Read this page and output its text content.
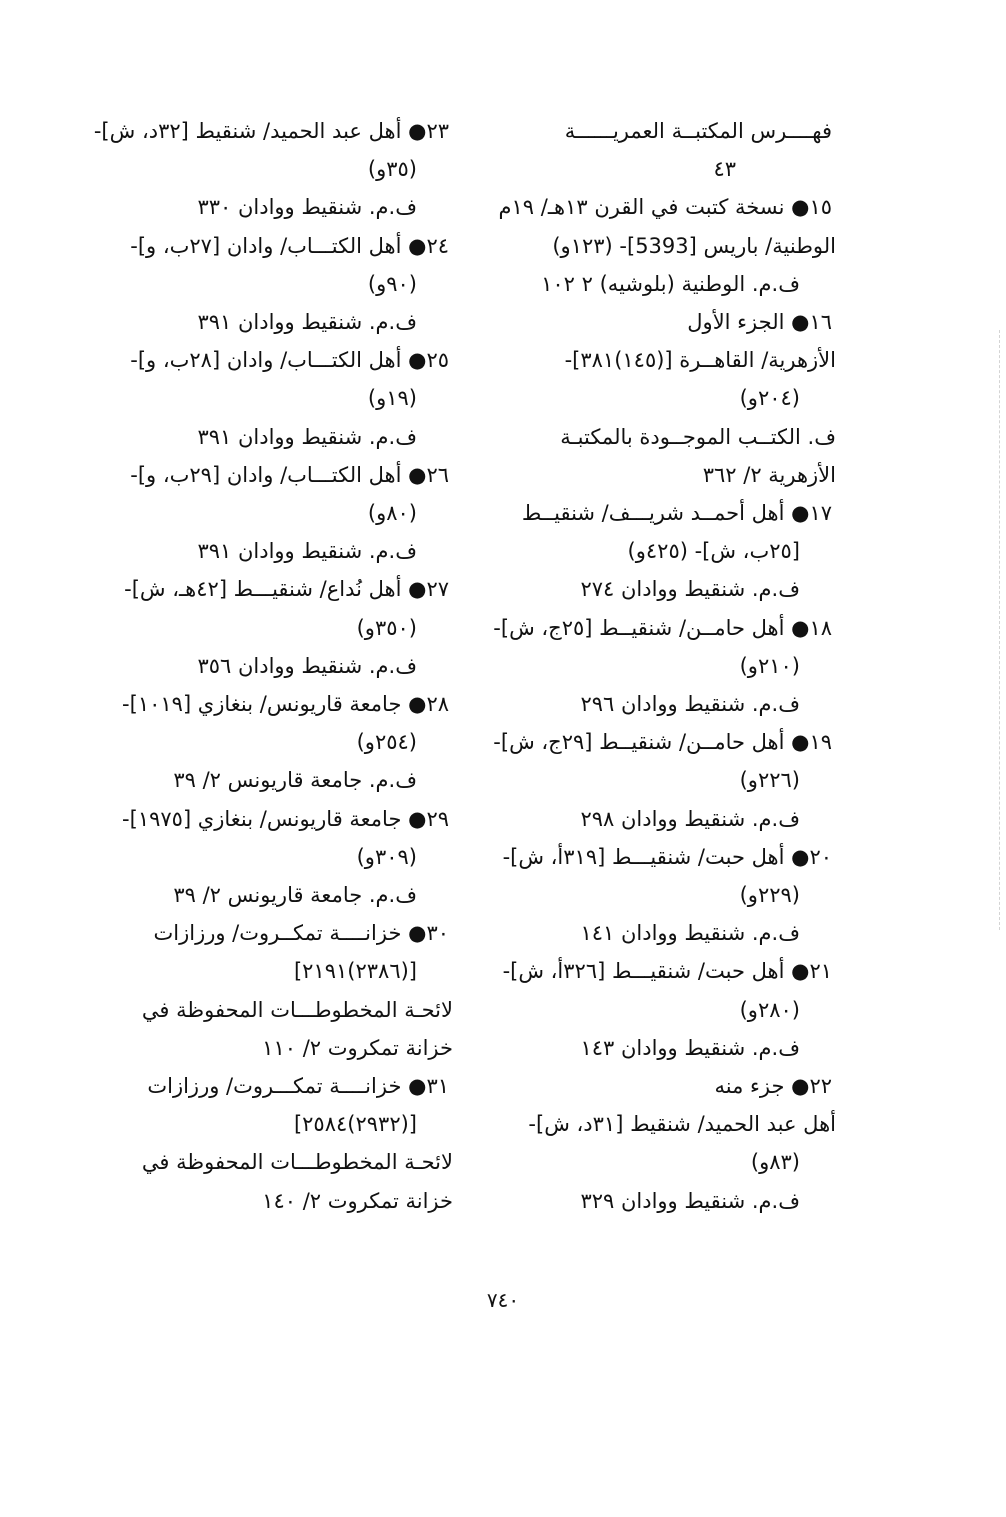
فهــــرس المكتبــة العمريــــــة
٤٣
١٥● نسخة كتبت في القرن ١٣هـ/ ١٩م
الوطنية/ باريس [5393]- (١٢٣و)
ف.م. الوطنية (بلوشيه) ٢ ١٠٢
١٦● الجزء الأول
الأزهرية/ القاهــرة [(١٤٥)٣٨١]-
(٢٠٤و)
ف. الكتــب الموجــودة بالمكتبـة
الأزهرية ٢/ ٣٦٢
١٧● أهل أحمــد شريـــف/ شنقيــط
[٢٥ب، ش]- (٤٢٥و)
ف.م. شنقيط ووادان ٢٧٤
١٨● أهل حامــن/ شنقيــط [٢٥ج، ش]-
(٢١٠و)
ف.م. شنقيط ووادان ٢٩٦
١٩● أهل حامــن/ شنقيــط [٢٩ج، ش]-
(٢٢٦و)
ف.م. شنقيط ووادان ٢٩٨
٢٠● أهل حبت/ شنقيـــط [٣١٩أ، ش]-
(٢٢٩و)
ف.م. شنقيط ووادان ١٤١
٢١● أهل حبت/ شنقيـــط [٣٢٦أ، ش]-
(٢٨٠و)
ف.م. شنقيط ووادان ١٤٣
٢٢● جزء منه
أهل عبد الحميد/ شنقيط [٣١د، ش]-
(٨٣و)
ف.م. شنقيط ووادان ٣٢٩
٢٣● أهل عبد الحميد/ شنقيط [٣٢د، ش]-
(٣٥و)
ف.م. شنقيط ووادان ٣٣٠
٢٤● أهل الكتـــاب/ وادان [٢٧ب، و]-
(٩٠و)
ف.م. شنقيط ووادان ٣٩١
٢٥● أهل الكتـــاب/ وادان [٢٨ب، و]-
(١٩و)
ف.م. شنقيط ووادان ٣٩١
٢٦● أهل الكتـــاب/ وادان [٢٩ب، و]-
(٨٠و)
ف.م. شنقيط ووادان ٣٩١
٢٧● أهل نُداع/ شنقيـــط [٤٢هـ، ش]-
(٣٥٠و)
ف.م. شنقيط ووادان ٣٥٦
٢٨● جامعة قاريونس/ بنغازي [١٠١٩]-
(٢٥٤و)
ف.م. جامعة قاريونس ٢/ ٣٩
٢٩● جامعة قاريونس/ بنغازي [١٩٧٥]-
(٣٠٩و)
ف.م. جامعة قاريونس ٢/ ٣٩
٣٠● خزانــــة تمكــروت/ ورزازات
[(٢٣٨٦)٢١٩١]
لائحـة المخطوطـــات المحفوظة في
خزانة تمكروت ٢/ ١١٠
٣١● خزانــــة تمكـــروت/ ورزازات
[(٢٩٣٢)٢٥٨٤]
لائحـة المخطوطـــات المحفوظة في
خزانة تمكروت ٢/ ١٤٠
٧٤٠
